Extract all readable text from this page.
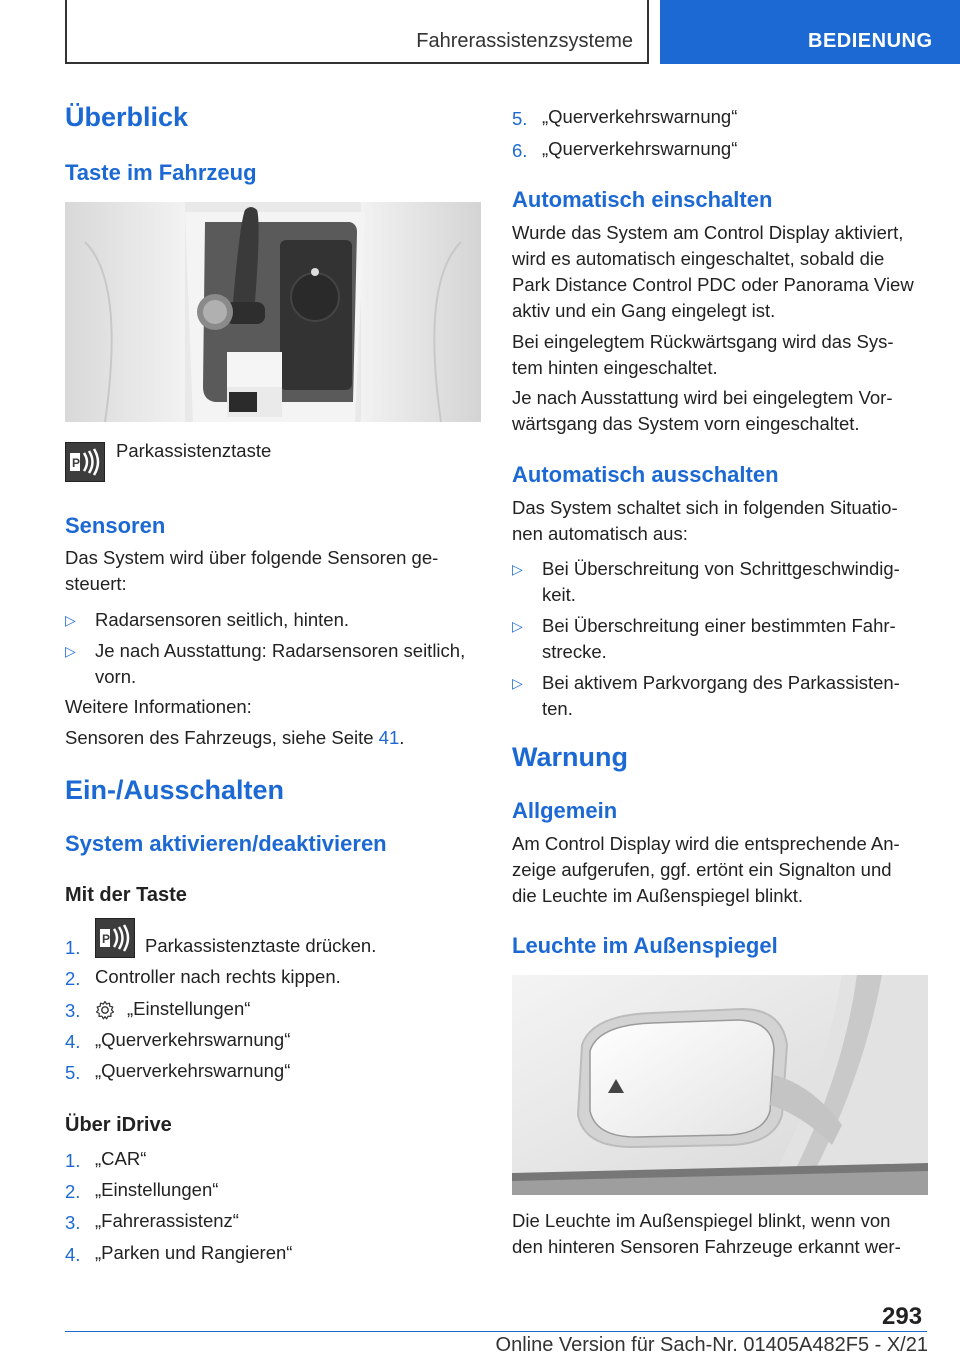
Fahrerassistenzsysteme	BEDIENUNG
Überblick
Taste im Fahrzeug
P
Parkassistenztaste
Sensoren
Das System wird über folgende Sensoren ge-
steuert:
▷ Radarsensoren seitlich, hinten.
▷ Je nach Ausstattung: Radarsensoren seitlich,
vorn.
Weitere Informationen:
Sensoren des Fahrzeugs, siehe Seite 41.
Ein-/Ausschalten
System aktivieren/deaktivieren
Mit der Taste
1. P Parkassistenztaste drücken.
2. Controller nach rechts kippen.
3.	„Einstellungen“
4. „Querverkehrswarnung“
5. „Querverkehrswarnung“
Über iDrive
1. „CAR“
2. „Einstellungen“
3. „Fahrerassistenz“
4. „Parken und Rangieren“
5. „Querverkehrswarnung“
6. „Querverkehrswarnung“
Automatisch einschalten
Wurde das System am Control Display aktiviert,
wird es automatisch eingeschaltet, sobald die
Park Distance Control PDC oder Panorama View
aktiv und ein Gang eingelegt ist.
Bei eingelegtem Rückwärtsgang wird das Sys-
tem hinten eingeschaltet.
Je nach Ausstattung wird bei eingelegtem Vor-
wärtsgang das System vorn eingeschaltet.
Automatisch ausschalten
Das System schaltet sich in folgenden Situatio-
nen automatisch aus:
▷ Bei Überschreitung von Schrittgeschwindig-
keit.
▷ Bei Überschreitung einer bestimmten Fahr-
strecke.
▷ Bei aktivem Parkvorgang des Parkassisten-
ten.
Warnung
Allgemein
Am Control Display wird die entsprechende An-
zeige aufgerufen, ggf. ertönt ein Signalton und
die Leuchte im Außenspiegel blinkt.
Leuchte im Außenspiegel
Die Leuchte im Außenspiegel blinkt, wenn von
den hinteren Sensoren Fahrzeuge erkannt wer-
293
Online Version für Sach-Nr. 01405A482F5 - X/21
